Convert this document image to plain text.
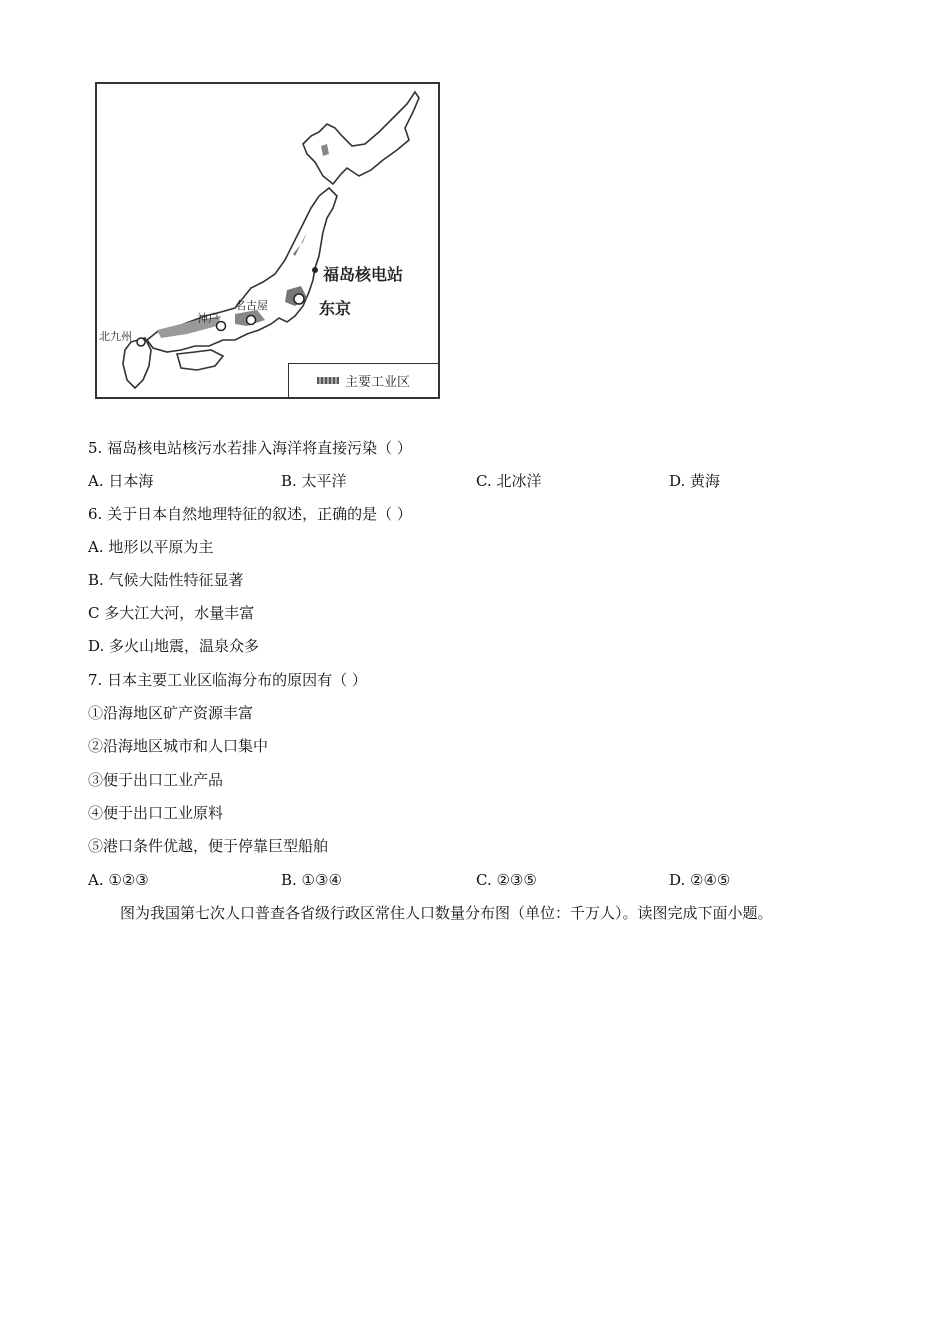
福岛核电站
东京
名古屋
神户
北九州
主要工业区
5. 福岛核电站核污水若排入海洋将直接污染（ ）
A. 日本海	B. 太平洋	C. 北冰洋	D. 黄海
6. 关于日本自然地理特征的叙述，正确的是（ ）
A. 地形以平原为主
B. 气候大陆性特征显著
C 多大江大河，水量丰富
D. 多火山地震，温泉众多
7. 日本主要工业区临海分布的原因有（ ）
①沿海地区矿产资源丰富
②沿海地区城市和人口集中
③便于出口工业产品
④便于出口工业原料
⑤港口条件优越，便于停靠巨型船舶
A. ①②③	B. ①③④	C. ②③⑤	D. ②④⑤
图为我国第七次人口普查各省级行政区常住人口数量分布图（单位：千万人）。读图完成下面小题。
